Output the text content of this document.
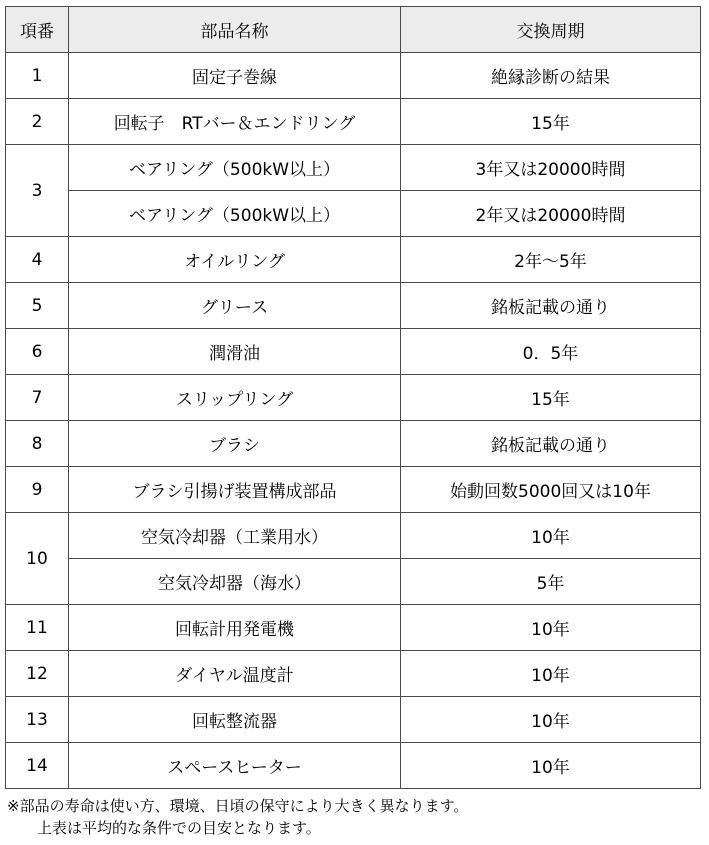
項番	部品名称	交換周期
1	固定子巻線	絶縁診断の結果
2	回転子　RTバー＆エンドリング	15年
3	ベアリング（500kW以上）	3年又は20000時間
	ベアリング（500kW以上）	2年又は20000時間
4	オイルリング	2年～5年
5	グリース	銘板記載の通り
6	潤滑油	0．5年
7	スリップリング	15年
8	ブラシ	銘板記載の通り
9	ブラシ引揚げ装置構成部品	始動回数5000回又は10年
10	空気冷却器（工業用水）	10年
	空気冷却器（海水）	5年
11	回転計用発電機	10年
12	ダイヤル温度計	10年
13	回転整流器	10年
14	スペースヒーター	10年
※部品の寿命は使い方、環境、日頃の保守により大きく異なります。
上表は平均的な条件での目安となります。
